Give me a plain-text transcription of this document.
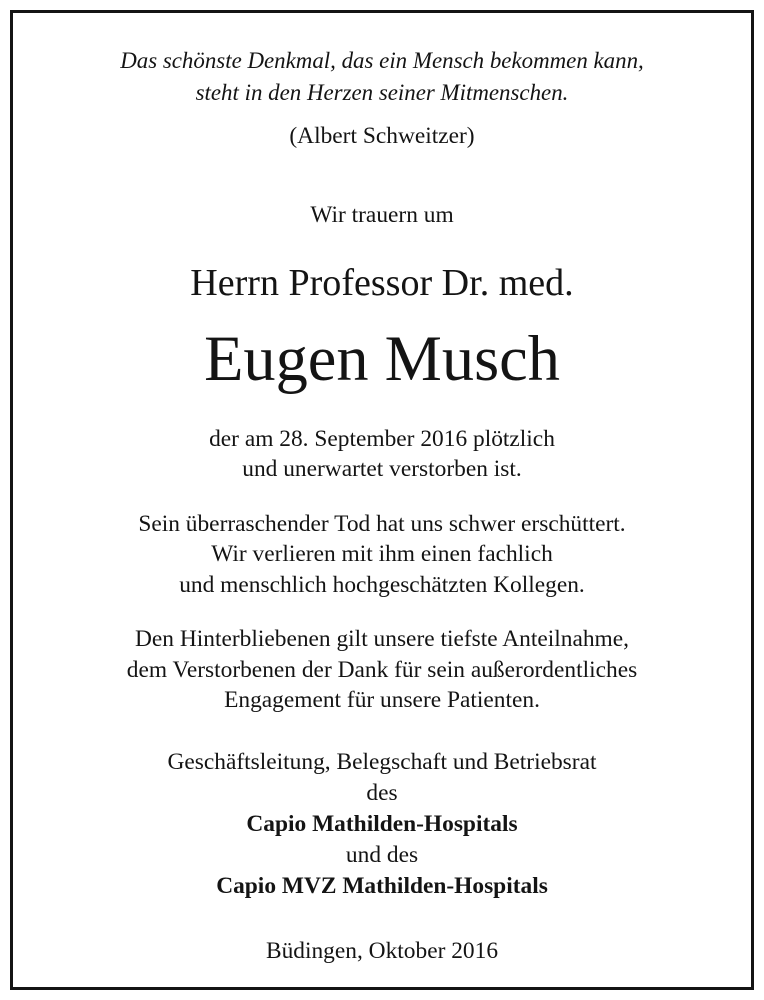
Das schönste Denkmal, das ein Mensch bekommen kann,
steht in den Herzen seiner Mitmenschen.
(Albert Schweitzer)
Wir trauern um
Herrn Professor Dr. med.
Eugen Musch
der am 28. September 2016 plötzlich
und unerwartet verstorben ist.
Sein überraschender Tod hat uns schwer erschüttert.
Wir verlieren mit ihm einen fachlich
und menschlich hochgeschätzten Kollegen.
Den Hinterbliebenen gilt unsere tiefste Anteilnahme,
dem Verstorbenen der Dank für sein außerordentliches
Engagement für unsere Patienten.
Geschäftsleitung, Belegschaft und Betriebsrat
des
Capio Mathilden-Hospitals
und des
Capio MVZ Mathilden-Hospitals
Büdingen, Oktober 2016
